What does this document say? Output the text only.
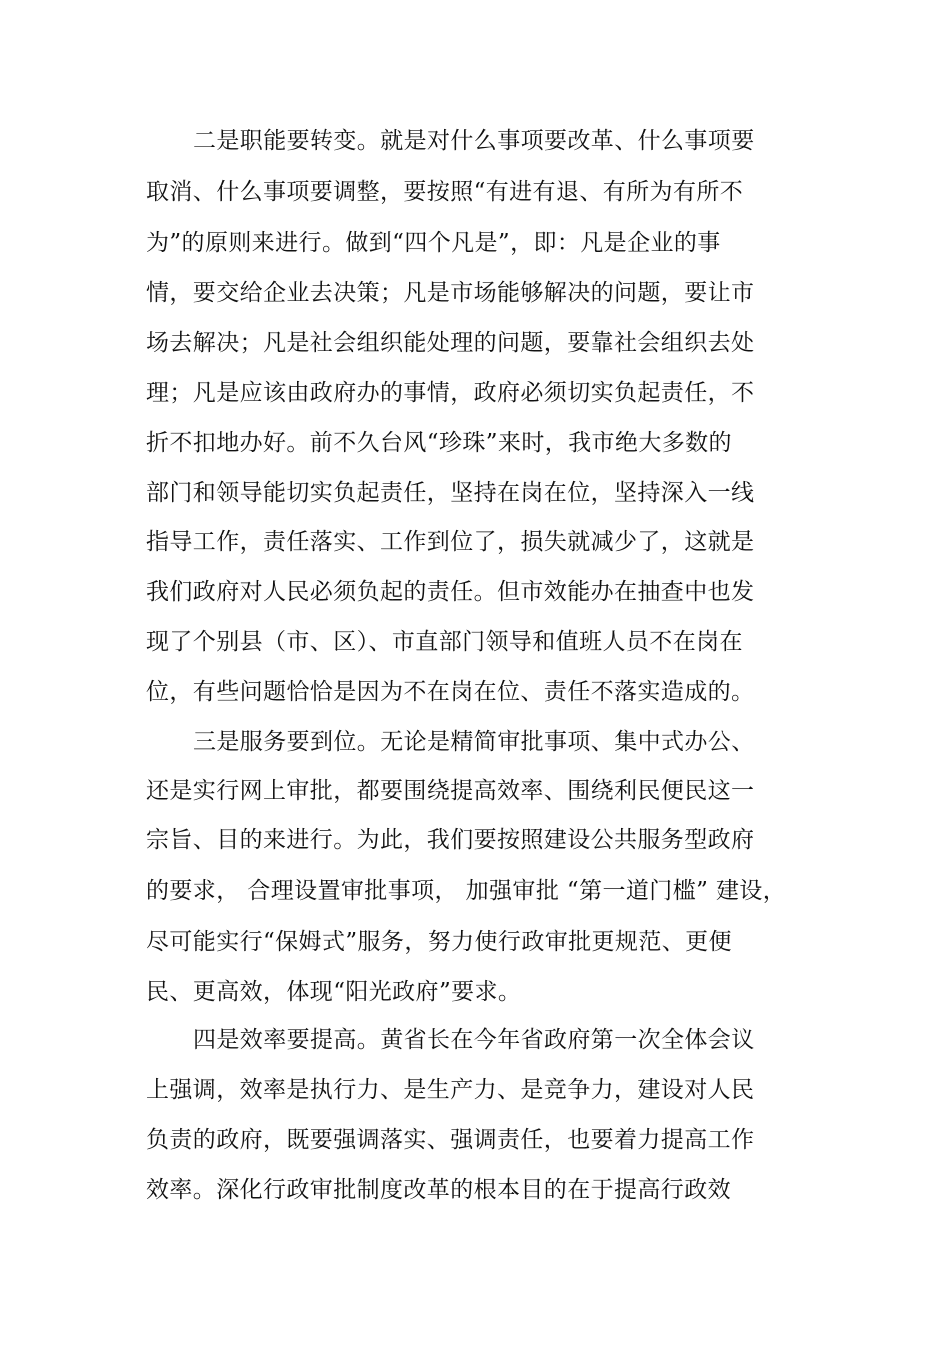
二是职能要转变。就是对什么事项要改革、什么事项要
取消、什么事项要调整，要按照“有进有退、有所为有所不
为”的原则来进行。做到“四个凡是”，即：凡是企业的事
情，要交给企业去决策；凡是市场能够解决的问题，要让市
场去解决；凡是社会组织能处理的问题，要靠社会组织去处
理；凡是应该由政府办的事情，政府必须切实负起责任，不
折不扣地办好。前不久台风“珍珠”来时，我市绝大多数的
部门和领导能切实负起责任，坚持在岗在位，坚持深入一线
指导工作，责任落实、工作到位了，损失就减少了，这就是
我们政府对人民必须负起的责任。但市效能办在抽查中也发
现了个别县（市、区）、市直部门领导和值班人员不在岗在
位，有些问题恰恰是因为不在岗在位、责任不落实造成的。
三是服务要到位。无论是精简审批事项、集中式办公、
还是实行网上审批，都要围绕提高效率、围绕利民便民这一
宗旨、目的来进行。为此，我们要按照建设公共服务型政府
的要求， 合理设置审批事项， 加强审批 “第一道门槛” 建设，
尽可能实行“保姆式”服务，努力使行政审批更规范、更便
民、更高效，体现“阳光政府”要求。
四是效率要提高。黄省长在今年省政府第一次全体会议
上强调，效率是执行力、是生产力、是竞争力，建设对人民
负责的政府，既要强调落实、强调责任，也要着力提高工作
效率。深化行政审批制度改革的根本目的在于提高行政效
